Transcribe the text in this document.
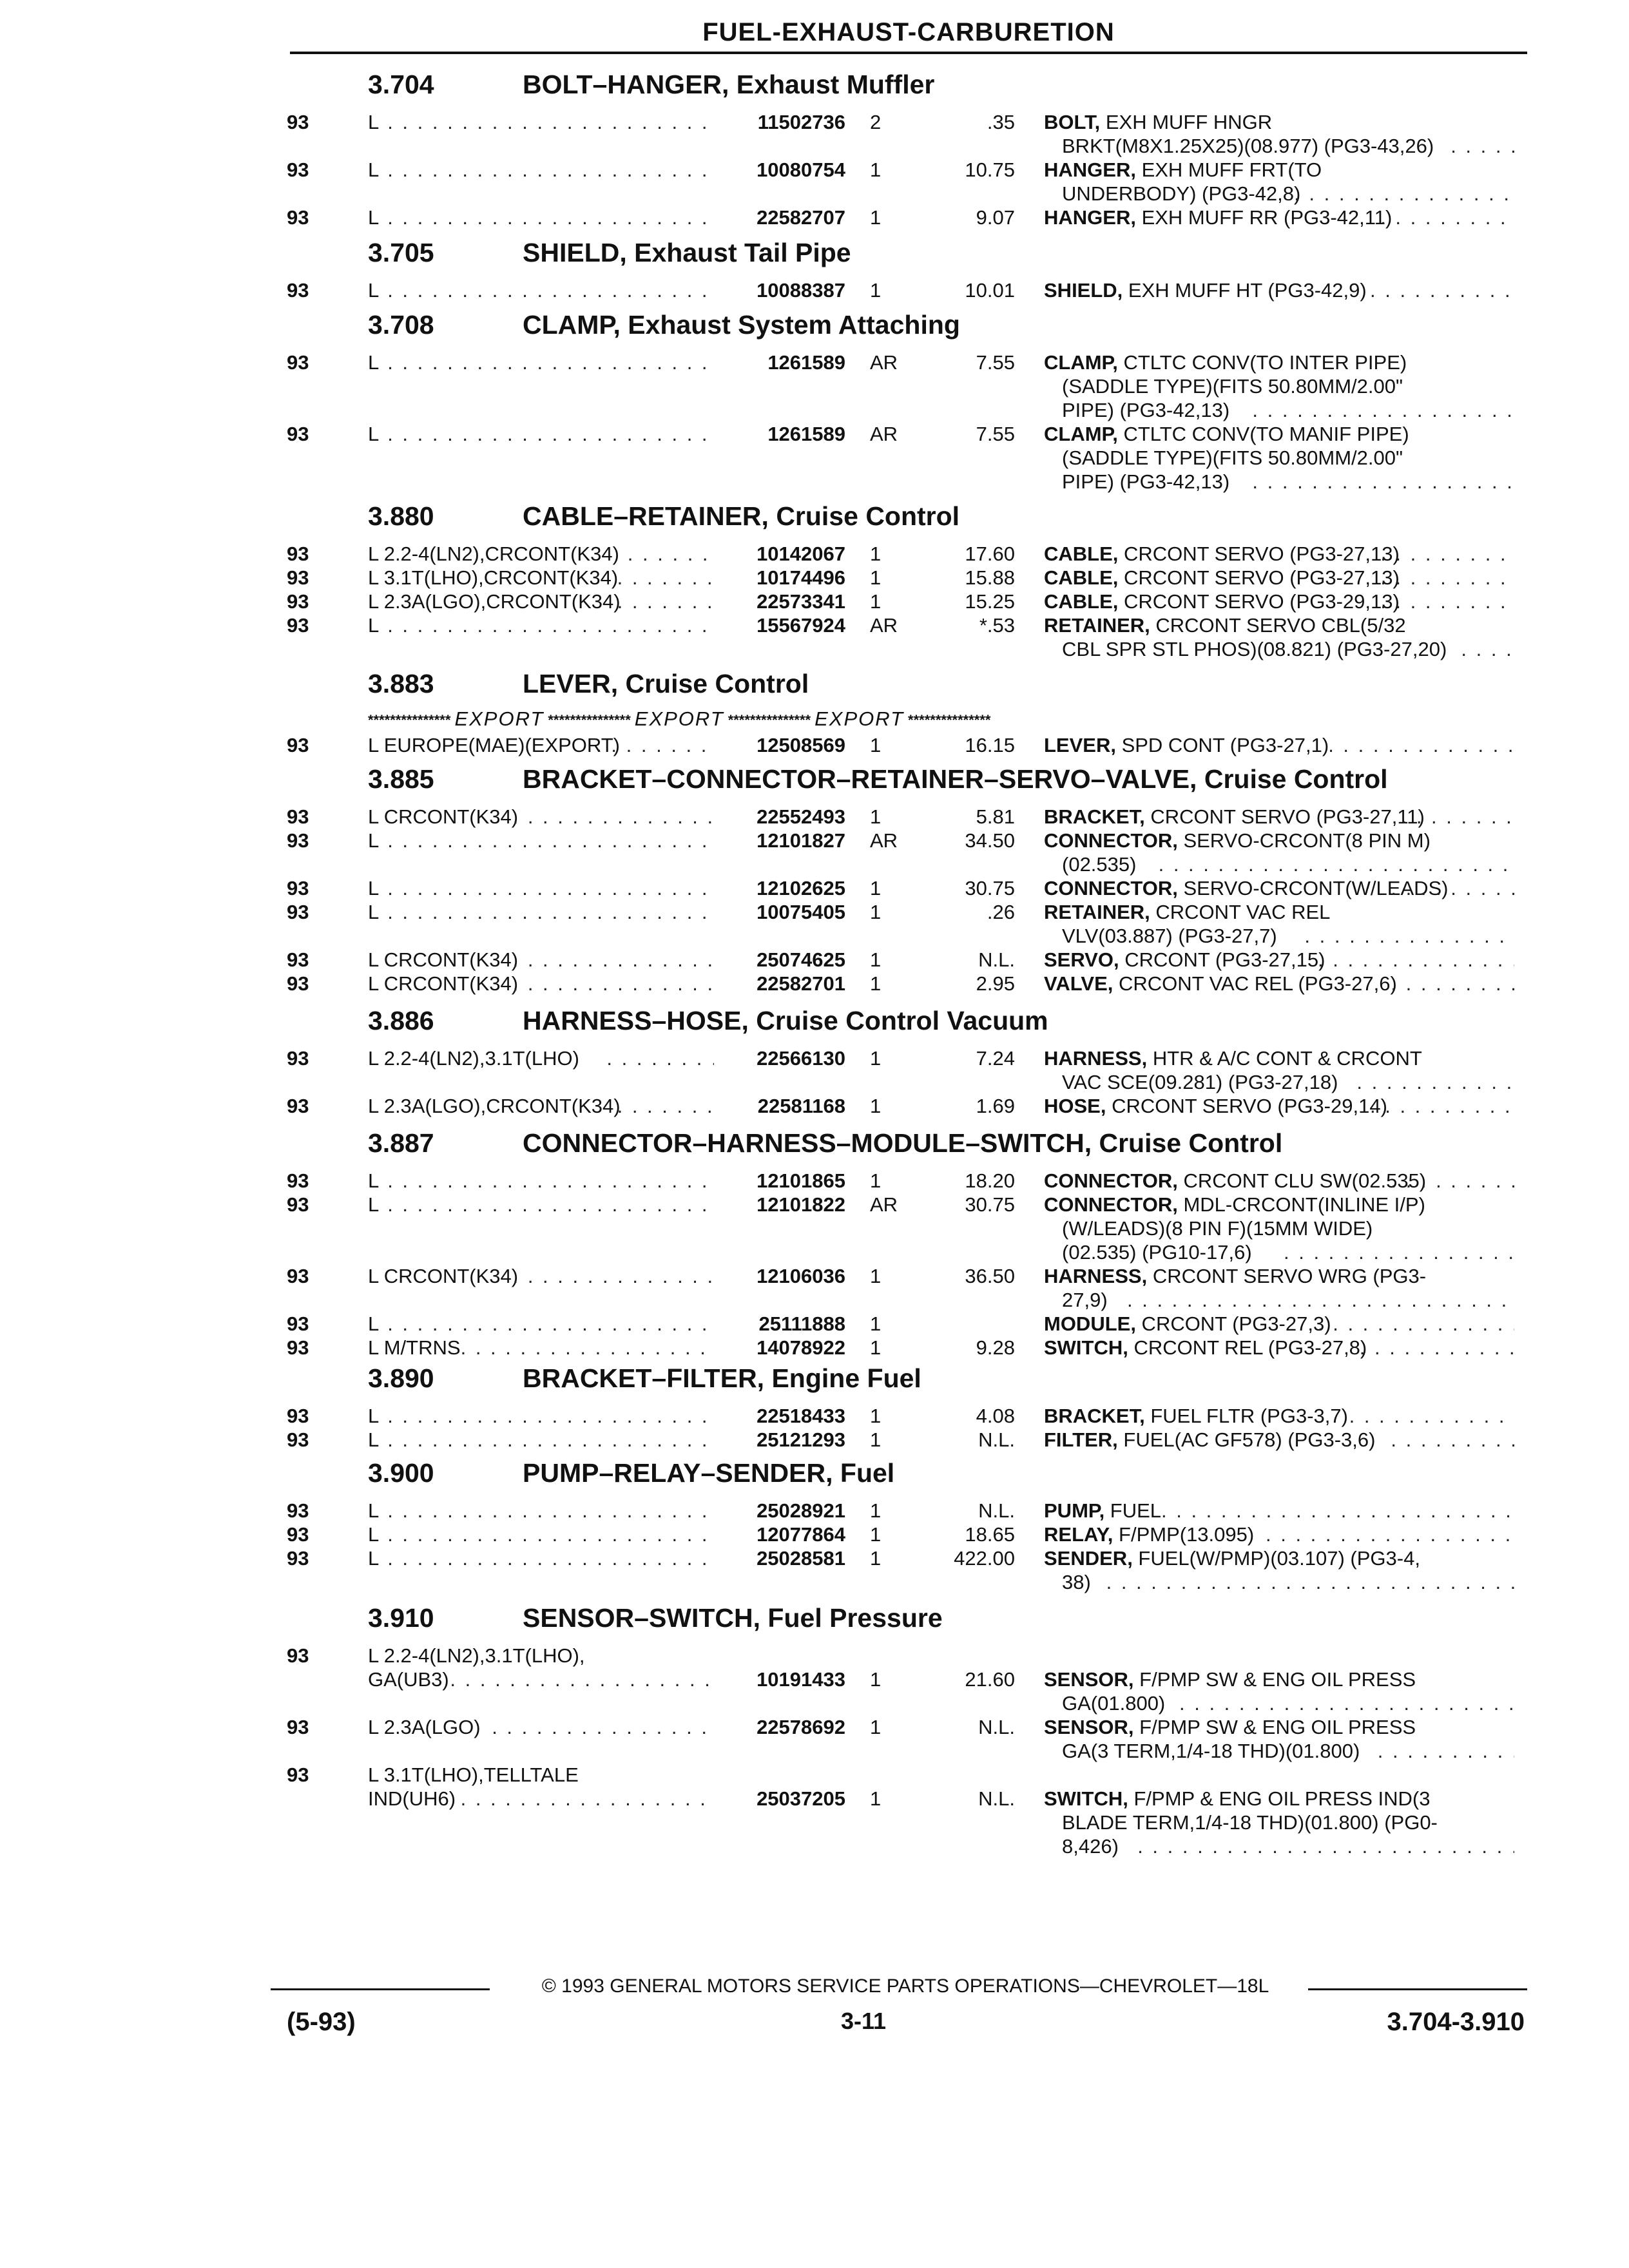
FUEL-EXHAUST-CARBURETION
3.704	BOLT–HANGER, Exhaust Muffler
93	L . . .	11502736 2	.35 BOLT, EXH MUFF HNGR
BRKT(M8X1.25X25)(08.977) (PG3-43,26)
. . .
93	L . . .	10080754 1	10.75 HANGER, EXH MUFF FRT(TO
UNDERBODY) (PG3-42,8)
. . .
93	L . . .	22582707 1	9.07 HANGER, EXH MUFF RR (PG3-42,11)
. . .
3.705	SHIELD, Exhaust Tail Pipe
93	L . . .	10088387 1	10.01 SHIELD, EXH MUFF HT (PG3-42,9)
. . .
3.708	CLAMP, Exhaust System Attaching
93	L . . .	1261589 AR	7.55 CLAMP, CTLTC CONV(TO INTER PIPE)
(SADDLE TYPE)(FITS 50.80MM/2.00"
PIPE) (PG3-42,13)
. . .
93	L . . .	1261589 AR	7.55 CLAMP, CTLTC CONV(TO MANIF PIPE)
(SADDLE TYPE)(FITS 50.80MM/2.00"
PIPE) (PG3-42,13)
. . .
3.880	CABLE–RETAINER, Cruise Control
93	L 2.2-4(LN2),CRCONT(K34) . . .	10142067 1	17.60 CABLE, CRCONT SERVO (PG3-27,13)
. . .
93	L 3.1T(LHO),CRCONT(K34) . . .	10174496 1	15.88 CABLE, CRCONT SERVO (PG3-27,13)
. . .
93	L 2.3A(LGO),CRCONT(K34) . . .	22573341 1	15.25 CABLE, CRCONT SERVO (PG3-29,13)
. . .
93	L . . .	15567924 AR	*.53 RETAINER, CRCONT SERVO CBL(5/32
CBL SPR STL PHOS)(08.821) (PG3-27,20)
. . .
3.883	LEVER, Cruise Control
*************** EXPORT *************** EXPORT *************** EXPORT ***************
93	L EUROPE(MAE)(EXPORT) . . .	12508569 1	16.15 LEVER, SPD CONT (PG3-27,1)
. . .
3.885	BRACKET–CONNECTOR–RETAINER–SERVO–VALVE, Cruise Control
93	L CRCONT(K34) . . .	22552493 1	5.81 BRACKET, CRCONT SERVO (PG3-27,11)
. . .
93	L . . .	12101827 AR	34.50 CONNECTOR, SERVO-CRCONT(8 PIN M)
(02.535)
. . .
93	L . . .	12102625 1	30.75 CONNECTOR, SERVO-CRCONT(W/LEADS)
. . .
93	L . . .	10075405 1	.26 RETAINER, CRCONT VAC REL
VLV(03.887) (PG3-27,7)
. . .
93	L CRCONT(K34) . . .	25074625 1	N.L. SERVO, CRCONT (PG3-27,15)
. . .
93	L CRCONT(K34) . . .	22582701 1	2.95 VALVE, CRCONT VAC REL (PG3-27,6)
. . .
3.886	HARNESS–HOSE, Cruise Control Vacuum
93	L 2.2-4(LN2),3.1T(LHO) . . .	22566130 1	7.24 HARNESS, HTR & A/C CONT & CRCONT
VAC SCE(09.281) (PG3-27,18)
. . .
93	L 2.3A(LGO),CRCONT(K34) . . .	22581168 1	1.69 HOSE, CRCONT SERVO (PG3-29,14)
. . .
3.887	CONNECTOR–HARNESS–MODULE–SWITCH, Cruise Control
93	L . . .	12101865 1	18.20 CONNECTOR, CRCONT CLU SW(02.535)
. . .
93	L . . .	12101822 AR	30.75 CONNECTOR, MDL-CRCONT(INLINE I/P)
(W/LEADS)(8 PIN F)(15MM WIDE)
(02.535) (PG10-17,6)
. . .
93	L CRCONT(K34) . . .	12106036 1	36.50 HARNESS, CRCONT SERVO WRG (PG3-
27,9)
. . .
93	L . . .	25111888 1	MODULE, CRCONT (PG3-27,3)
. . .
93	L M/TRNS . . .	14078922 1	9.28 SWITCH, CRCONT REL (PG3-27,8)
. . .
3.890	BRACKET–FILTER, Engine Fuel
93	L . . .	22518433 1	4.08 BRACKET, FUEL FLTR (PG3-3,7)
. . .
93	L . . .	25121293 1	N.L. FILTER, FUEL(AC GF578) (PG3-3,6)
. . .
3.900	PUMP–RELAY–SENDER, Fuel
93	L . . .	25028921 1	N.L. PUMP, FUEL
. . .
93	L . . .	12077864 1	18.65 RELAY, F/PMP(13.095)
. . .
93	L . . .	25028581 1	422.00 SENDER, FUEL(W/PMP)(03.107) (PG3-4,
38)
. . .
3.910	SENSOR–SWITCH, Fuel Pressure
93	L 2.2-4(LN2),3.1T(LHO),
GA(UB3) . . .	10191433 1	21.60 SENSOR, F/PMP SW & ENG OIL PRESS
GA(01.800)
. . .
93	L 2.3A(LGO) . . .	22578692 1	N.L. SENSOR, F/PMP SW & ENG OIL PRESS
GA(3 TERM,1/4-18 THD)(01.800)
. . .
93	L 3.1T(LHO),TELLTALE
IND(UH6) . . .	25037205 1	N.L. SWITCH, F/PMP & ENG OIL PRESS IND(3
BLADE TERM,1/4-18 THD)(01.800) (PG0-
8,426)
. . .
© 1993 GENERAL MOTORS SERVICE PARTS OPERATIONS—CHEVROLET—18L
(5-93)	3-11	3.704-3.910
